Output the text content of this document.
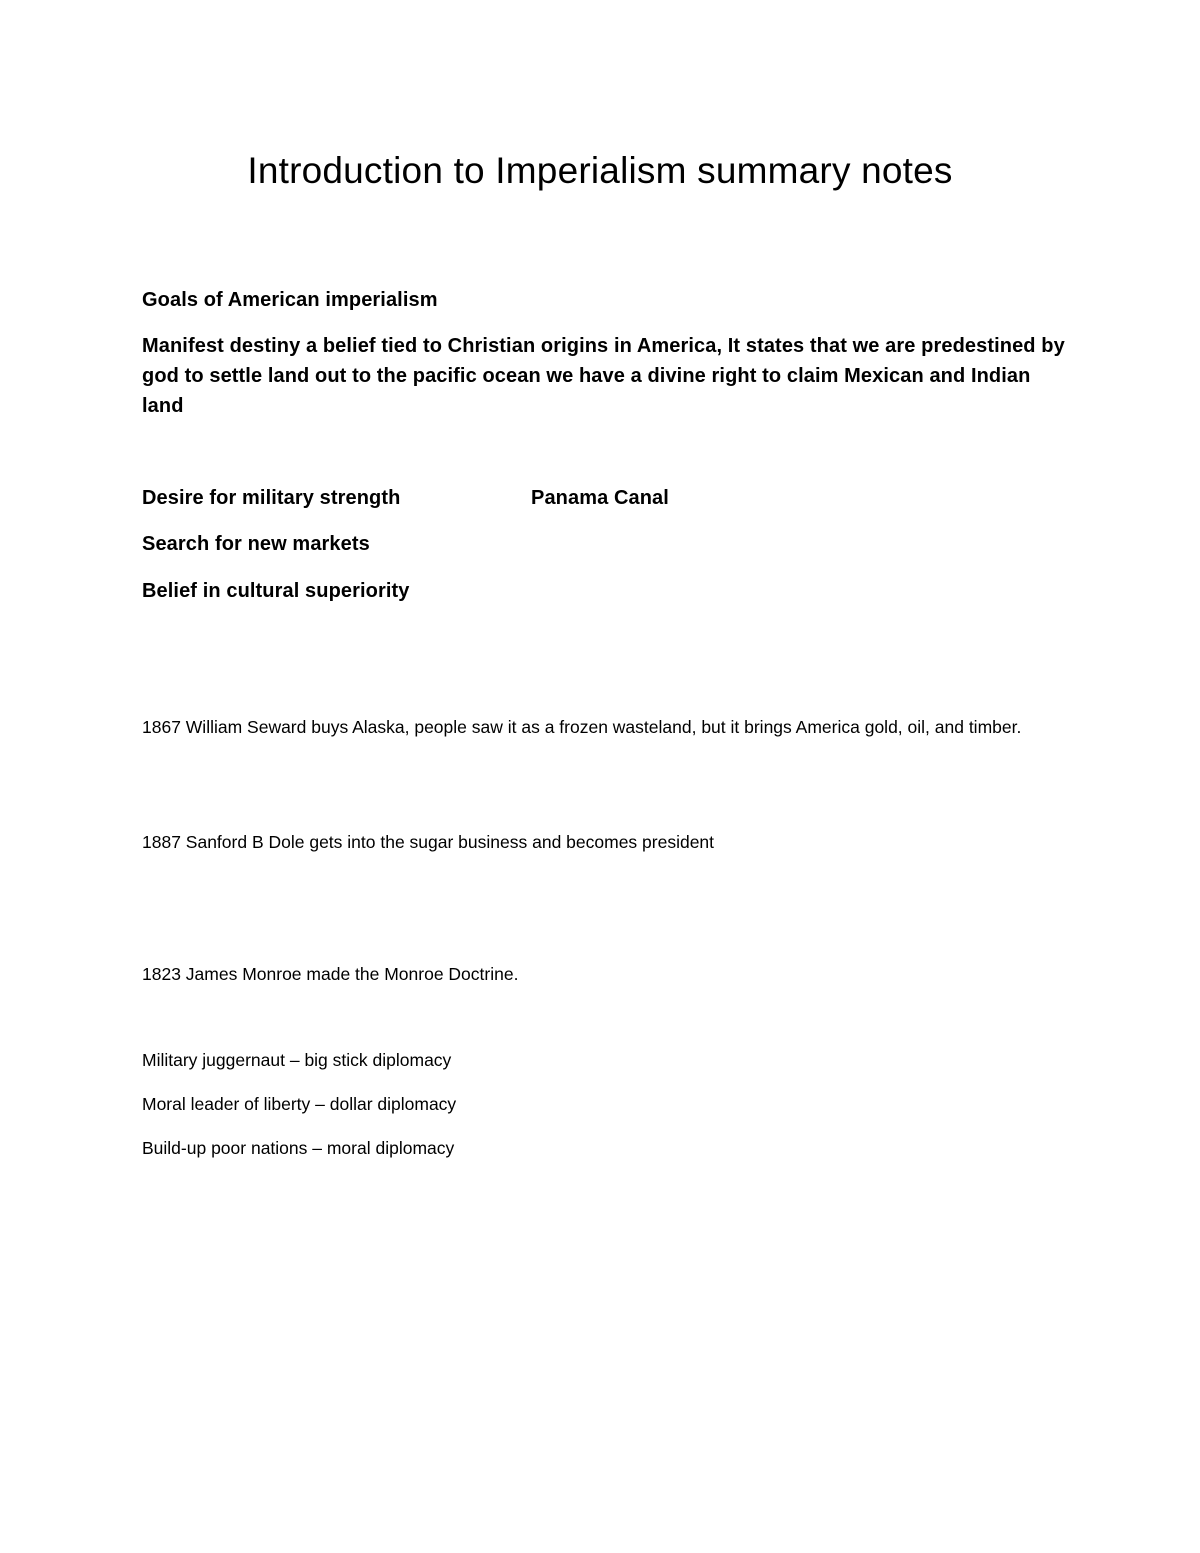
Introduction to Imperialism summary notes

Goals of American imperialism

Manifest destiny a belief tied to Christian origins in America, It states that we are predestined by god to settle land out to the pacific ocean we have a divine right to claim Mexican and Indian land

Desire for military strength	Panama Canal

Search for new markets

Belief in cultural superiority

1867 William Seward buys Alaska, people saw it as a frozen wasteland, but it brings America gold, oil, and timber.

1887 Sanford B Dole gets into the sugar business and becomes president

1823 James Monroe made the Monroe Doctrine.

Military juggernaut – big stick diplomacy

Moral leader of liberty – dollar diplomacy

Build-up poor nations – moral diplomacy
